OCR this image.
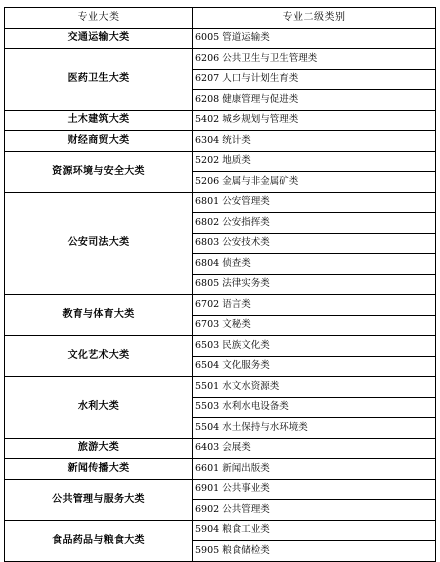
专业大类	专业二级类别
交通运输大类	6005 管道运输类
医药卫生大类	6206 公共卫生与卫生管理类
	6207 人口与计划生育类
	6208 健康管理与促进类
土木建筑大类	5402 城乡规划与管理类
财经商贸大类	6304 统计类
资源环境与安全大类	5202 地质类
	5206 金属与非金属矿类
公安司法大类	6801 公安管理类
	6802 公安指挥类
	6803 公安技术类
	6804 侦查类
	6805 法律实务类
教育与体育大类	6702 语言类
	6703 文秘类
文化艺术大类	6503 民族文化类
	6504 文化服务类
水利大类	5501 水文水资源类
	5503 水利水电设备类
	5504 水土保持与水环境类
旅游大类	6403 会展类
新闻传播大类	6601 新闻出版类
公共管理与服务大类	6901 公共事业类
	6902 公共管理类
食品药品与粮食大类	5904 粮食工业类
	5905 粮食储检类
